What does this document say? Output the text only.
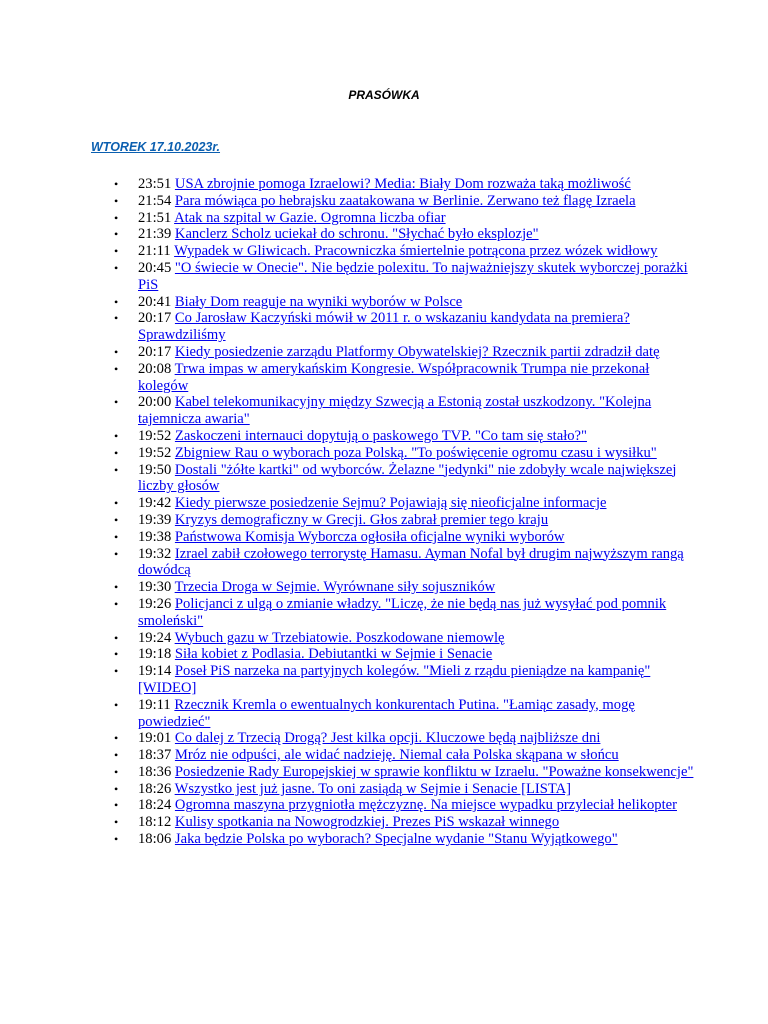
PRASÓWKA
WTOREK 17.10.2023r.
• 23:51 USA zbrojnie pomoga Izraelowi? Media: Biały Dom rozważa taką możliwość
• 21:54 Para mówiąca po hebrajsku zaatakowana w Berlinie. Zerwano też flagę Izraela
• 21:51 Atak na szpital w Gazie. Ogromna liczba ofiar
• 21:39 Kanclerz Scholz uciekał do schronu. "Słychać było eksplozje"
• 21:11 Wypadek w Gliwicach. Pracowniczka śmiertelnie potrącona przez wózek widłowy
• 20:45 "O świecie w Onecie". Nie będzie polexitu. To najważniejszy skutek wyborczej porażki PiS
• 20:41 Biały Dom reaguje na wyniki wyborów w Polsce
• 20:17 Co Jarosław Kaczyński mówił w 2011 r. o wskazaniu kandydata na premiera? Sprawdziliśmy
• 20:17 Kiedy posiedzenie zarządu Platformy Obywatelskiej? Rzecznik partii zdradził datę
• 20:08 Trwa impas w amerykańskim Kongresie. Współpracownik Trumpa nie przekonał kolegów
• 20:00 Kabel telekomunikacyjny między Szwecją a Estonią został uszkodzony. "Kolejna tajemnicza awaria"
• 19:52 Zaskoczeni internauci dopytują o paskowego TVP. "Co tam się stało?"
• 19:52 Zbigniew Rau o wyborach poza Polską. "To poświęcenie ogromu czasu i wysiłku"
• 19:50 Dostali "żółte kartki" od wyborców. Żelazne "jedynki" nie zdobyły wcale największej liczby głosów
• 19:42 Kiedy pierwsze posiedzenie Sejmu? Pojawiają się nieoficjalne informacje
• 19:39 Kryzys demograficzny w Grecji. Głos zabrał premier tego kraju
• 19:38 Państwowa Komisja Wyborcza ogłosiła oficjalne wyniki wyborów
• 19:32 Izrael zabił czołowego terrorystę Hamasu. Ayman Nofal był drugim najwyższym rangą dowódcą
• 19:30 Trzecia Droga w Sejmie. Wyrównane siły sojuszników
• 19:26 Policjanci z ulgą o zmianie władzy. "Liczę, że nie będą nas już wysyłać pod pomnik smoleński"
• 19:24 Wybuch gazu w Trzebiatowie. Poszkodowane niemowlę
• 19:18 Siła kobiet z Podlasia. Debiutantki w Sejmie i Senacie
• 19:14 Poseł PiS narzeka na partyjnych kolegów. "Mieli z rządu pieniądze na kampanię" [WIDEO]
• 19:11 Rzecznik Kremla o ewentualnych konkurentach Putina. "Łamiąc zasady, mogę powiedzieć"
• 19:01 Co dalej z Trzecią Drogą? Jest kilka opcji. Kluczowe będą najbliższe dni
• 18:37 Mróz nie odpuści, ale widać nadzieję. Niemal cała Polska skąpana w słońcu
• 18:36 Posiedzenie Rady Europejskiej w sprawie konfliktu w Izraelu. "Poważne konsekwencje"
• 18:26 Wszystko jest już jasne. To oni zasiądą w Sejmie i Senacie [LISTA]
• 18:24 Ogromna maszyna przygniotła mężczyznę. Na miejsce wypadku przyleciał helikopter
• 18:12 Kulisy spotkania na Nowogrodzkiej. Prezes PiS wskazał winnego
• 18:06 Jaka będzie Polska po wyborach? Specjalne wydanie "Stanu Wyjątkowego"
